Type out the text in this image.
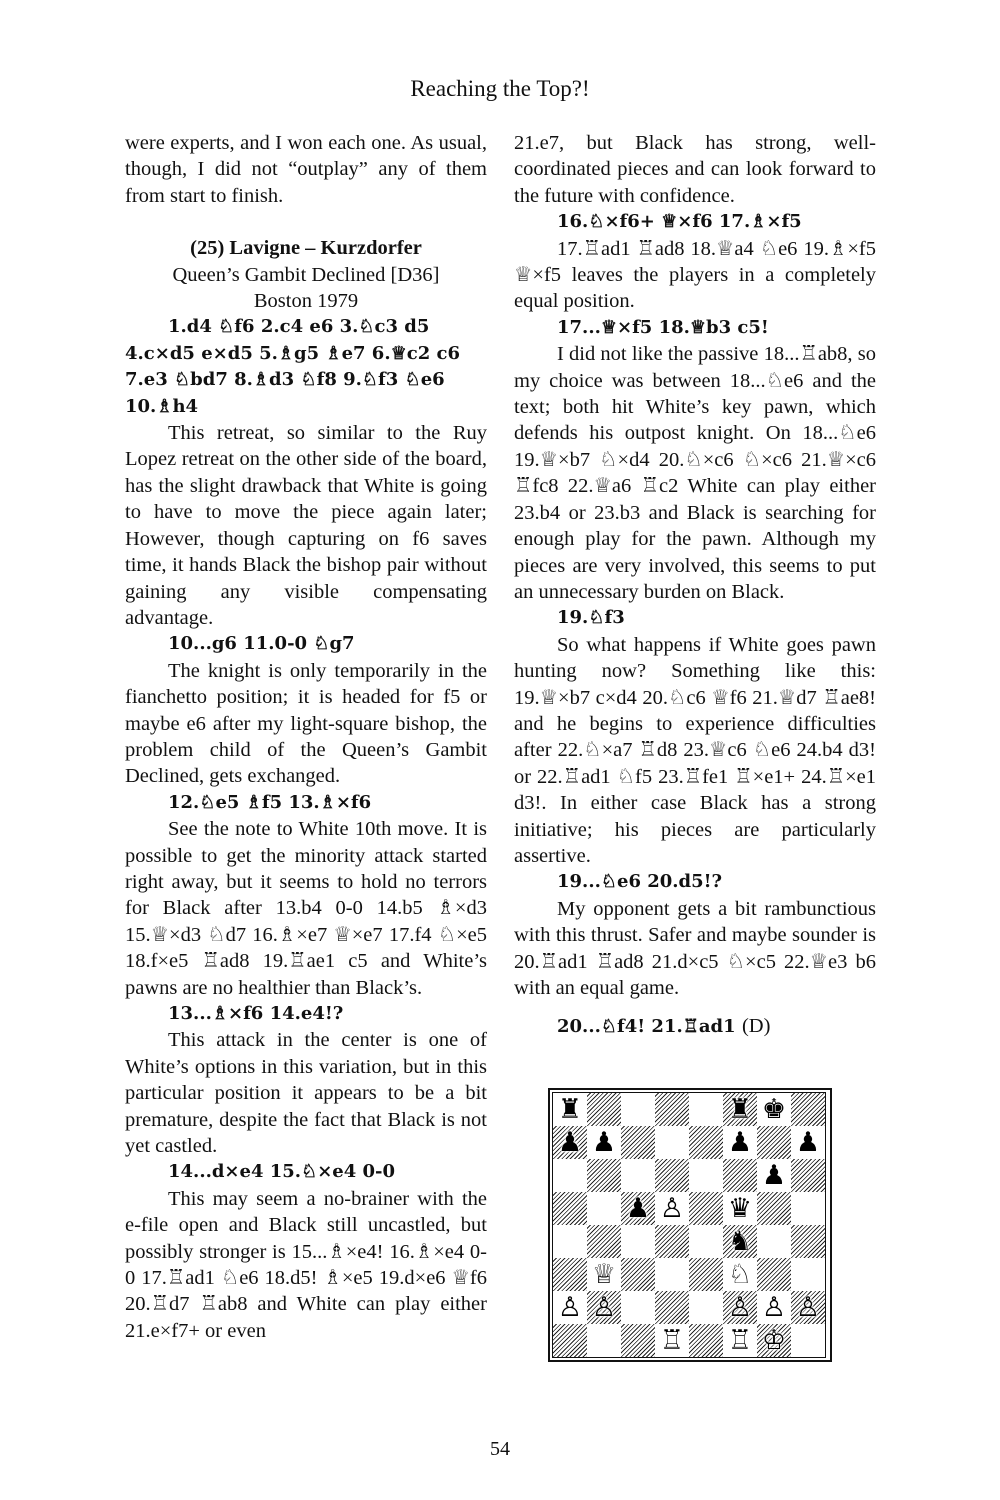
Reaching the Top?!

were experts, and I won each one. As usual, though, I did not “outplay” any of them from start to finish.

(25) Lavigne – Kurzdorfer

Queen’s Gambit Declined [D36]

Boston 1979

1.d4 ♘f6 2.c4 e6 3.♘c3 d5 4.c×d5 e×d5 5.♗g5 ♗e7 6.♕c2 c6 7.e3 ♘bd7 8.♗d3 ♘f8 9.♘f3 ♘e6 10.♗h4

This retreat, so similar to the Ruy Lopez retreat on the other side of the board, has the slight drawback that White is going to have to move the piece again later; However, though capturing on f6 saves time, it hands Black the bishop pair without gaining any visible compensating advantage.

10...g6 11.0-0 ♘g7

The knight is only temporarily in the fianchetto position; it is headed for f5 or maybe e6 after my light-square bishop, the problem child of the Queen’s Gambit Declined, gets exchanged.

12.♘e5 ♗f5 13.♗×f6

See the note to White 10th move. It is possible to get the minority attack started right away, but it seems to hold no terrors for Black after 13.b4 0-0 14.b5 ♗×d3 15.♕×d3 ♘d7 16.♗×e7 ♕×e7 17.f4 ♘×e5 18.f×e5 ♖ad8 19.♖ae1 c5 and White’s pawns are no healthier than Black’s.

13...♗×f6 14.e4!?

This attack in the center is one of White’s options in this variation, but in this particular position it appears to be a bit premature, despite the fact that Black is not yet castled.

14...d×e4 15.♘×e4 0-0

This may seem a no-brainer with the e-file open and Black still uncastled, but possibly stronger is 15...♗×e4! 16.♗×e4 0-0 17.♖ad1 ♘e6 18.d5! ♗×e5 19.d×e6 ♕f6 20.♖d7 ♖ab8 and White can play either 21.e×f7+ or even

21.e7, but Black has strong, well-coordinated pieces and can look forward to the future with confidence.

16.♘×f6+ ♕×f6 17.♗×f5

17.♖ad1 ♖ad8 18.♕a4 ♘e6 19.♗×f5 ♕×f5 leaves the players in a completely equal position.

17...♕×f5 18.♕b3 c5!

I did not like the passive 18...♖ab8, so my choice was between 18...♘e6 and the text; both hit White’s key pawn, which defends his outpost knight. On 18...♘e6 19.♕×b7 ♘×d4 20.♘×c6 ♘×c6 21.♕×c6 ♖fc8 22.♕a6 ♖c2 White can play either 23.b4 or 23.b3 and Black is searching for enough play for the pawn. Although my pieces are very involved, this seems to put an unnecessary burden on Black.

19.♘f3

So what happens if White goes pawn hunting now? Something like this: 19.♕×b7 c×d4 20.♘c6 ♕f6 21.♕d7 ♖ae8! and he begins to experience difficulties after 22.♘×a7 ♖d8 23.♕c6 ♘e6 24.b4 d3! or 22.♖ad1 ♘f5 23.♖fe1 ♖×e1+ 24.♖×e1 d3!. In either case Black has a strong initiative; his pieces are particularly assertive.

19...♘e6 20.d5!?

My opponent gets a bit rambunctious with this thrust. Safer and maybe sounder is 20.♖ad1 ♖ad8 21.d×c5 ♘×c5 22.♕e3 b6 with an equal game.

20...♘f4! 21.♖ad1 (D)

♜	♜ ♚
♟ ♟	♟ ♟
♟
♟ ♙ ♛
♞
♕	♘
♙ ♙	♙ ♙ ♙
♖ ♖ ♔
54
